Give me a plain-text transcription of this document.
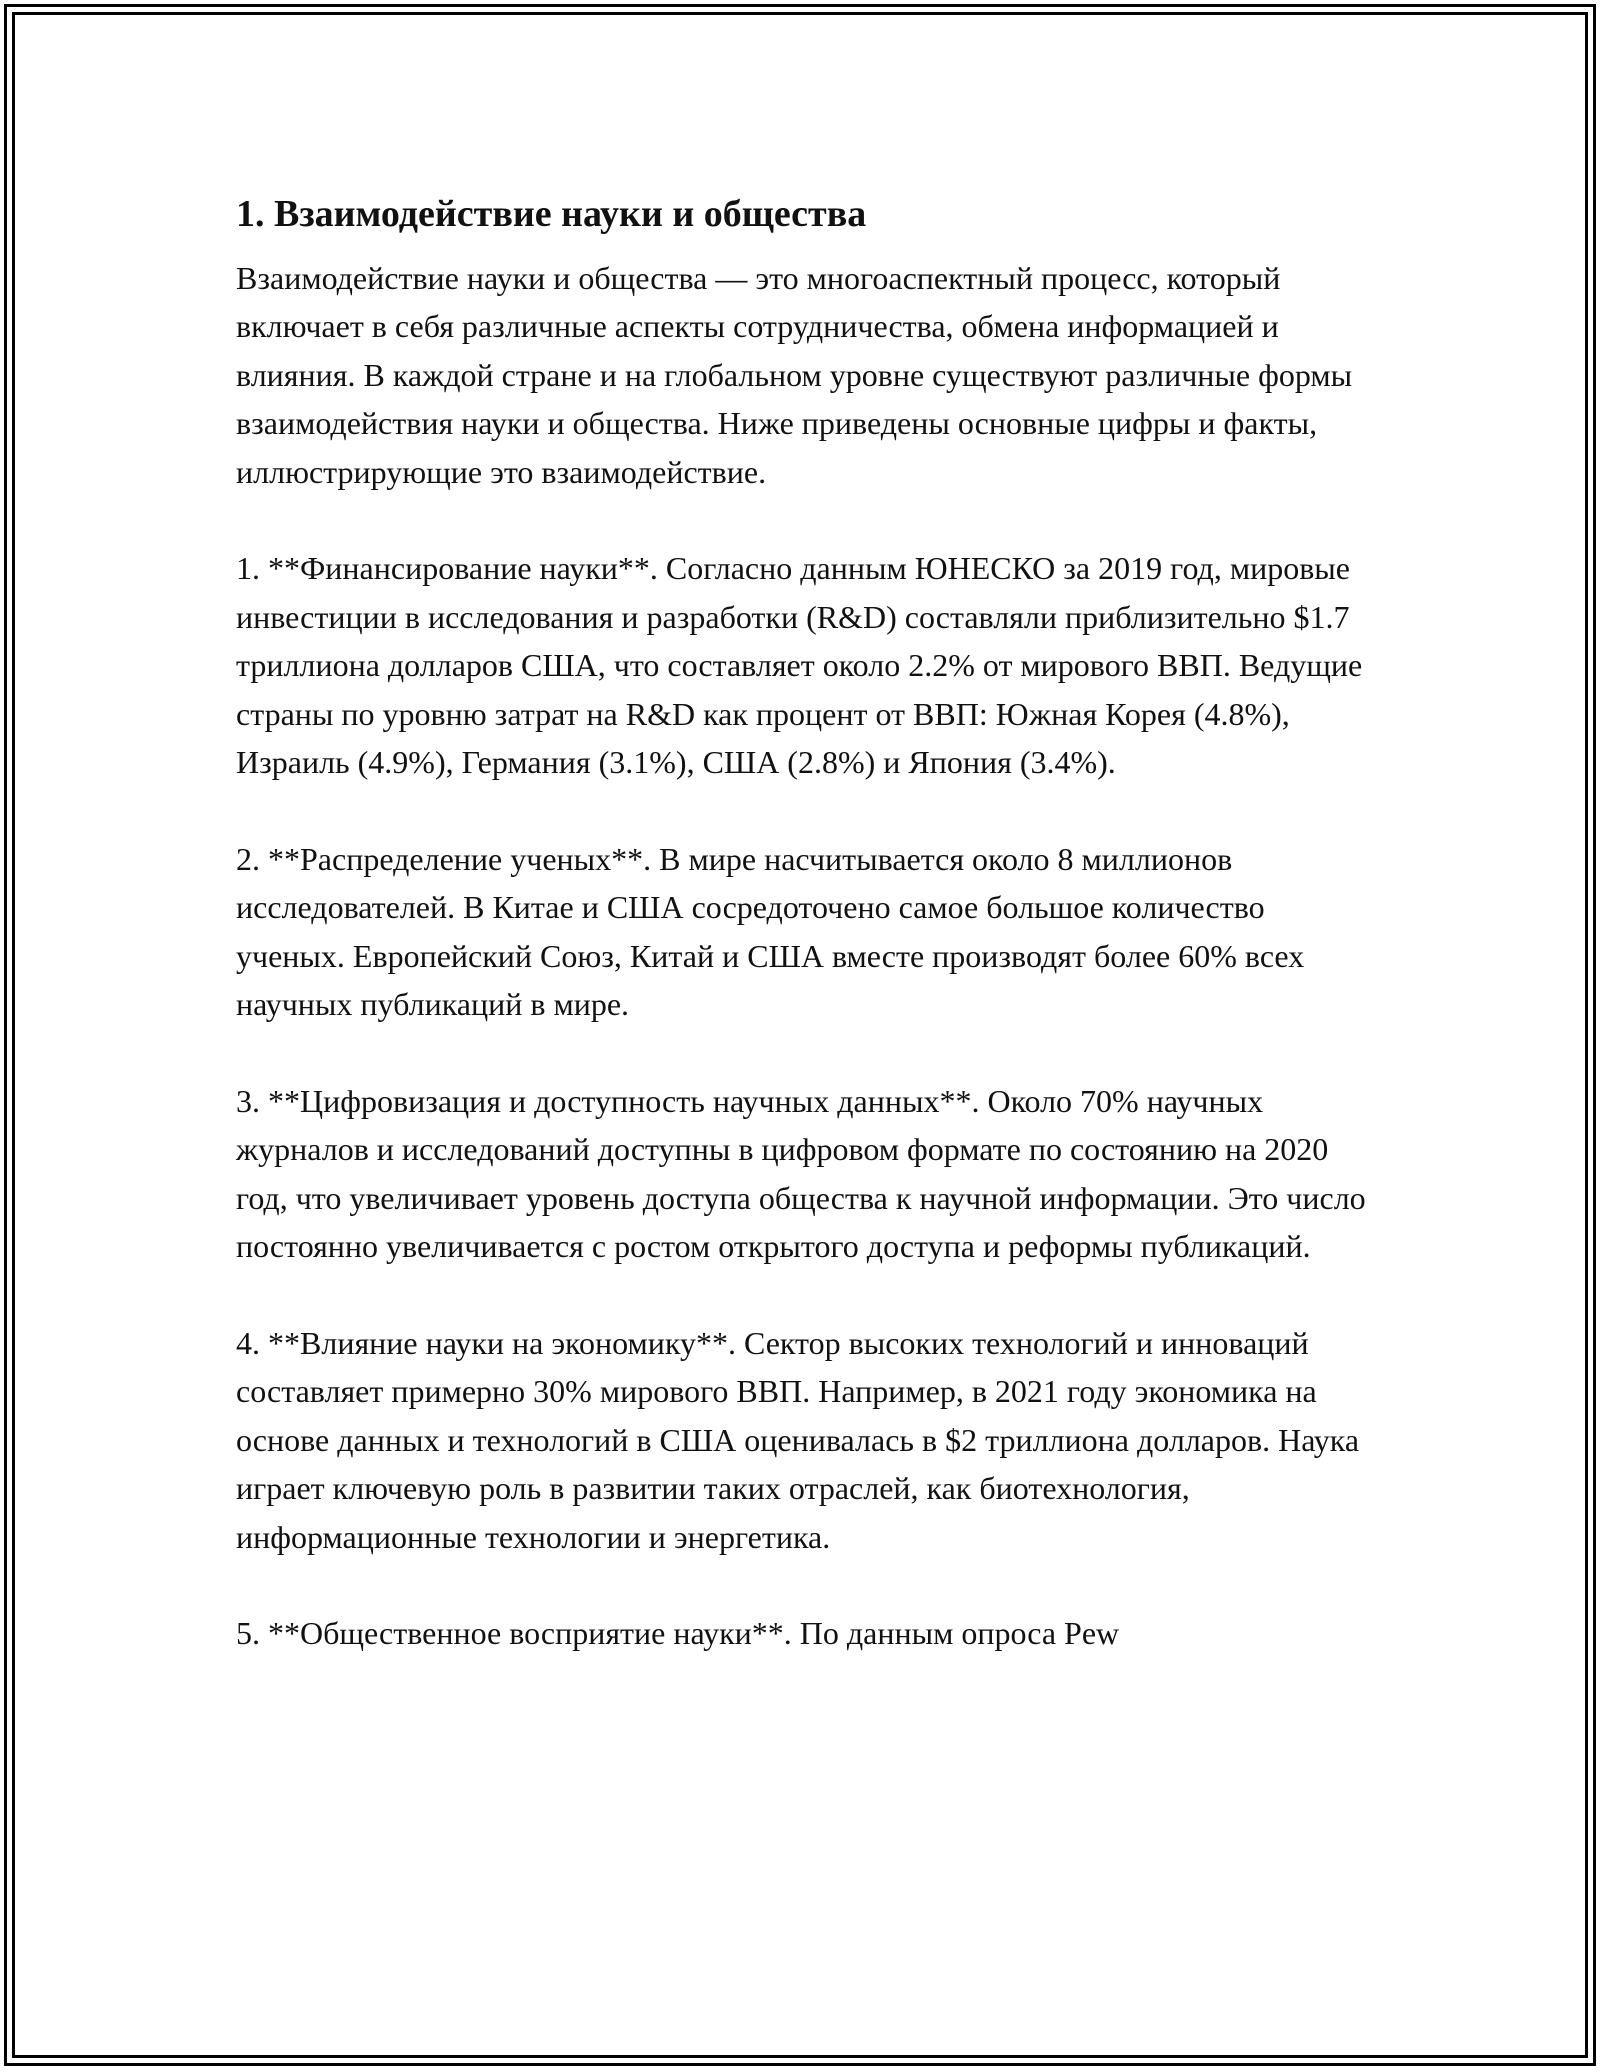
1. Взаимодействие науки и общества

Взаимодействие науки и общества — это многоаспектный процесс, который включает в себя различные аспекты сотрудничества, обмена информацией и влияния. В каждой стране и на глобальном уровне существуют различные формы взаимодействия науки и общества. Ниже приведены основные цифры и факты, иллюстрирующие это взаимодействие.

1. **Финансирование науки**. Согласно данным ЮНЕСКО за 2019 год, мировые инвестиции в исследования и разработки (R&D) составляли приблизительно $1.7 триллиона долларов США, что составляет около 2.2% от мирового ВВП. Ведущие страны по уровню затрат на R&D как процент от ВВП: Южная Корея (4.8%), Израиль (4.9%), Германия (3.1%), США (2.8%) и Япония (3.4%).

2. **Распределение ученых**. В мире насчитывается около 8 миллионов исследователей. В Китае и США сосредоточено самое большое количество ученых. Европейский Союз, Китай и США вместе производят более 60% всех научных публикаций в мире.

3. **Цифровизация и доступность научных данных**. Около 70% научных журналов и исследований доступны в цифровом формате по состоянию на 2020 год, что увеличивает уровень доступа общества к научной информации. Это число постоянно увеличивается с ростом открытого доступа и реформы публикаций.

4. **Влияние науки на экономику**. Сектор высоких технологий и инноваций составляет примерно 30% мирового ВВП. Например, в 2021 году экономика на основе данных и технологий в США оценивалась в $2 триллиона долларов. Наука играет ключевую роль в развитии таких отраслей, как биотехнология, информационные технологии и энергетика.

5. **Общественное восприятие науки**. По данным опроса Pew
